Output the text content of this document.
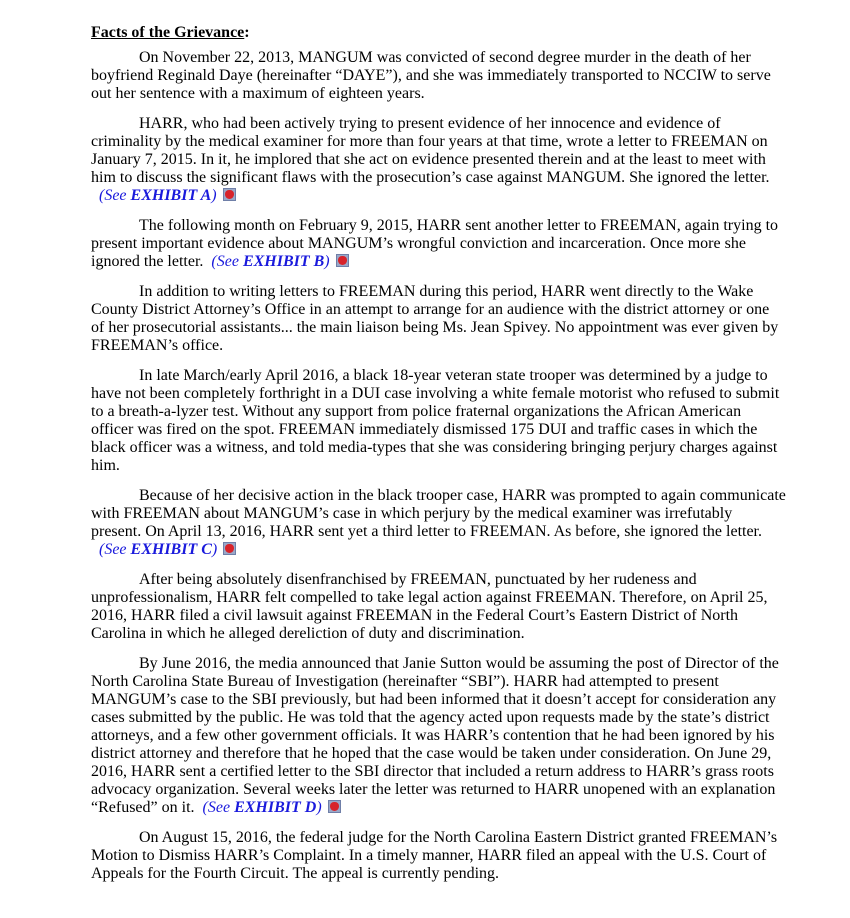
Facts of the Grievance:

On November 22, 2013, MANGUM was convicted of second degree murder in the death of her boyfriend Reginald Daye (hereinafter “DAYE”), and she was immediately transported to NCCIW to serve out her sentence with a maximum of eighteen years.

HARR, who had been actively trying to present evidence of her innocence and evidence of criminality by the medical examiner for more than four years at that time, wrote a letter to FREEMAN on January 7, 2015. In it, he implored that she act on evidence presented therein and at the least to meet with him to discuss the significant flaws with the prosecution’s case against MANGUM. She ignored the letter.(See EXHIBIT A)	A

The following month on February 9, 2015, HARR sent another letter to FREEMAN, again trying to present important evidence about MANGUM’s wrongful conviction and incarceration. Once more she ignored the letter. (See EXHIBIT B)	B

In addition to writing letters to FREEMAN during this period, HARR went directly to the Wake County District Attorney’s Office in an attempt to arrange for an audience with the district attorney or one of her prosecutorial assistants... the main liaison being Ms. Jean Spivey. No appointment was ever given by FREEMAN’s office.

In late March/early April 2016, a black 18-year veteran state trooper was determined by a judge to have not been completely forthright in a DUI case involving a white female motorist who refused to submit to a breath-a-lyzer test. Without any support from police fraternal organizations the African American officer was fired on the spot. FREEMAN immediately dismissed 175 DUI and traffic cases in which the black officer was a witness, and told media-types that she was considering bringing perjury charges against him.

Because of her decisive action in the black trooper case, HARR was prompted to again communicate with FREEMAN about MANGUM’s case in which perjury by the medical examiner was irrefutably present. On April 13, 2016, HARR sent yet a third letter to FREEMAN. As before, she ignored the letter.(See EXHIBIT C)	C

After being absolutely disenfranchised by FREEMAN, punctuated by her rudeness and unprofessionalism, HARR felt compelled to take legal action against FREEMAN. Therefore, on April 25, 2016, HARR filed a civil lawsuit against FREEMAN in the Federal Court’s Eastern District of North Carolina in which he alleged dereliction of duty and discrimination.

By June 2016, the media announced that Janie Sutton would be assuming the post of Director of the North Carolina State Bureau of Investigation (hereinafter “SBI”). HARR had attempted to present MANGUM’s case to the SBI previously, but had been informed that it doesn’t accept for consideration any cases submitted by the public. He was told that the agency acted upon requests made by the state’s district attorneys, and a few other government officials. It was HARR’s contention that he had been ignored by his district attorney and therefore that he hoped that the case would be taken under consideration. On June 29, 2016, HARR sent a certified letter to the SBI director that included a return address to HARR’s grass roots advocacy organization. Several weeks later the letter was returned to HARR unopened with an explanation “Refused” on it. (See EXHIBIT D)	D

On August 15, 2016, the federal judge for the North Carolina Eastern District granted FREEMAN’s Motion to Dismiss HARR’s Complaint. In a timely manner, HARR filed an appeal with the U.S. Court of Appeals for the Fourth Circuit. The appeal is currently pending.
